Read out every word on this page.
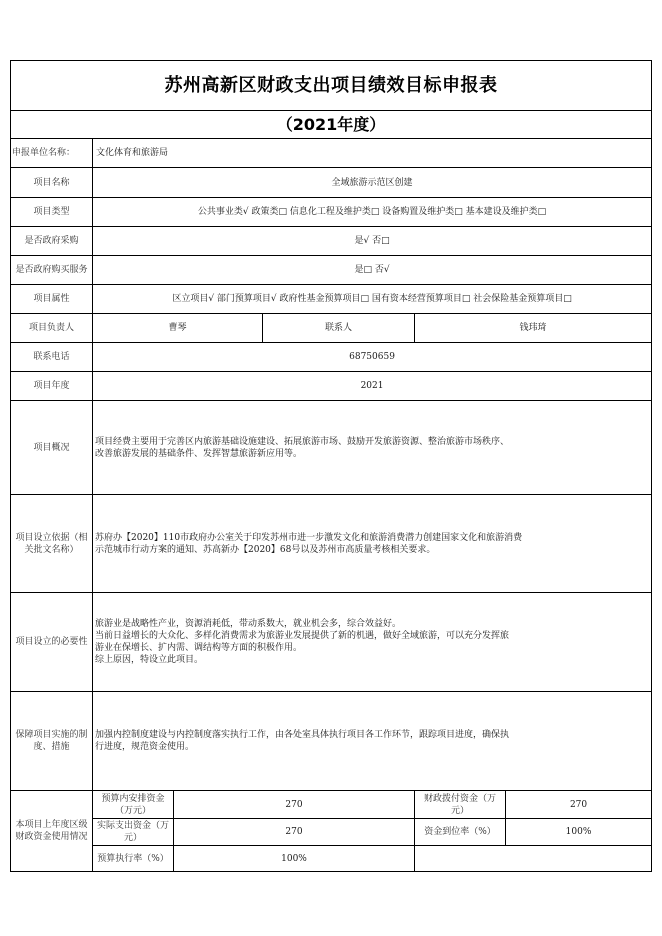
苏州高新区财政支出项目绩效目标申报表					
（2021年度）					
申报单位名称：	文化体育和旅游局				
项目名称	全域旅游示范区创建				
项目类型	公共事业类√ 政策类□ 信息化工程及维护类□ 设备购置及维护类□ 基本建设及维护类□				
是否政府采购	是√ 否□				
是否政府购买服务	是□ 否√				
项目属性	区立项目√ 部门预算项目√ 政府性基金预算项目□ 国有资本经营预算项目□ 社会保险基金预算项目□				
项目负责人	曹琴		联系人	钱玮琦	
联系电话	68750659				
项目年度	2021				
项目概况	项目经费主要用于完善区内旅游基础设施建设、拓展旅游市场、鼓励开发旅游资源、整治旅游市场秩序、
改善旅游发展的基础条件、发挥智慧旅游新应用等。				
项目设立依据（相关批文名称）	苏府办【2020】110市政府办公室关于印发苏州市进一步激发文化和旅游消费潜力创建国家文化和旅游消费
示范城市行动方案的通知、苏高新办【2020】68号以及苏州市高质量考核相关要求。				
项目设立的必要性	旅游业是战略性产业，资源消耗低，带动系数大，就业机会多，综合效益好。
当前日益增长的大众化、多样化消费需求为旅游业发展提供了新的机遇，做好全域旅游，可以充分发挥旅
游业在保增长、扩内需、调结构等方面的积极作用。
综上原因，特设立此项目。				
保障项目实施的制度、措施	加强内控制度建设与内控制度落实执行工作，由各处室具体执行项目各工作环节，跟踪项目进度，确保执
行进度，规范资金使用。				
本项目上年度区级财政资金使用情况	预算内安排资金（万元）	270		财政拨付资金（万元）	270
	实际支出资金（万元）	270		资金到位率（%）	100%
	预算执行率（%）	100%			
